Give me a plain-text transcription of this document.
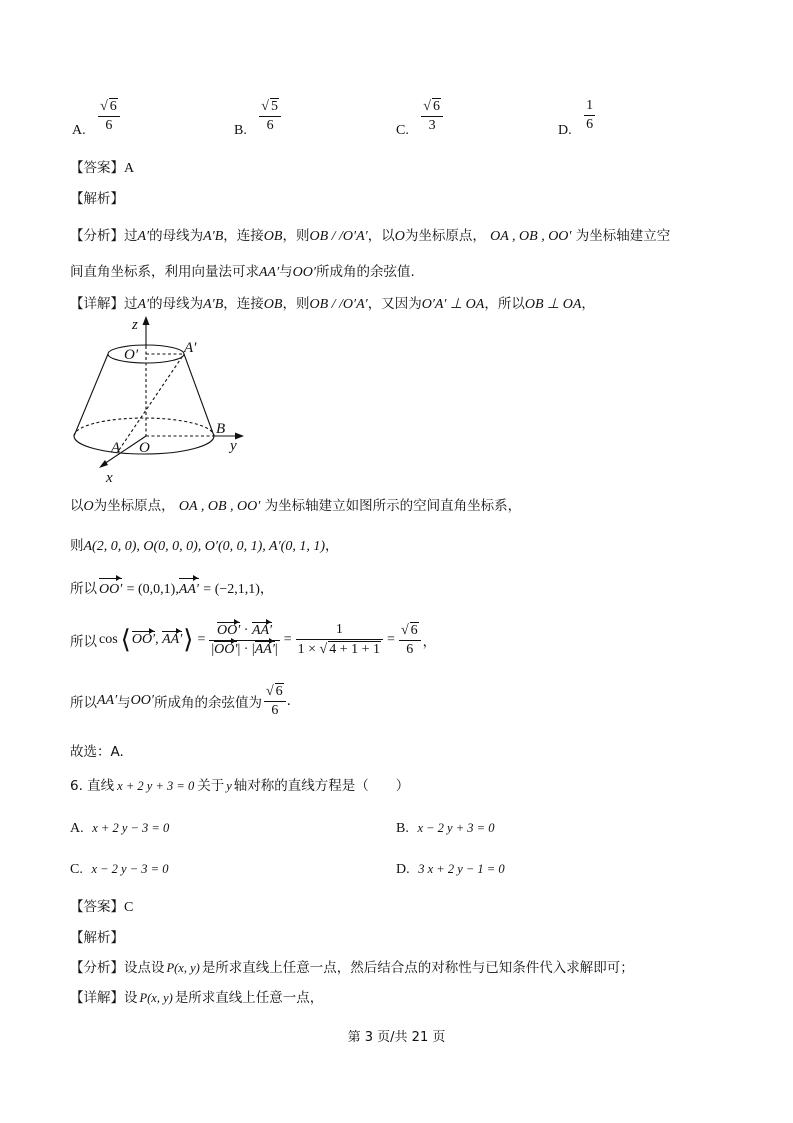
A. $\frac{√ 6}{6}$	B. $\frac{√ 5}{6}$	C. $\frac{√ 6}{3}$	D. $\frac{1}{6}$
【答案】A
【解析】
【分析】过A′的母线为A′B，连接OB，则OB / /O′A′，以O为坐标原点， OA , OB , OO′ 为坐标轴建立空
间直角坐标系，利用向量法可求AA′与OO′所成角的余弦值.
【详解】过A′的母线为A′B，连接OB，则OB / /O′A′，又因为O′A′ ⊥ OA，所以OB ⊥ OA，
z
O′	A′
B
A O	y
x
以O为坐标原点， OA , OB , OO′ 为坐标轴建立如图所示的空间直角坐标系，
则A(2, 0, 0), O(0, 0, 0), O′(0, 0, 1), A′(0, 1, 1)，
所以 OO′ = (0,0,1),AA′ = (−2,1,1)，
所以 cos ⟨ OO′ , AA′ ⟩ = $\frac{OO' \cdot AA'}{|OO'| \cdot |AA'|} = \frac{1}{1 \times √ 4 + 1 + 1} = \frac{√ 6}{6}$ ，
所以 AA′ 与 OO′ 所成角的余弦值为 $\frac{√ 6}{6}$ .
故选：A.
6. 直线 x + 2 y + 3 = 0 关于 y 轴对称的直线方程是（　　）
A. x + 2 y − 3 = 0	B. x − 2 y + 3 = 0
C. x − 2 y − 3 = 0	D. 3 x + 2 y − 1 = 0
【答案】C
【解析】
【分析】设点设 P(x, y) 是所求直线上任意一点，然后结合点的对称性与已知条件代入求解即可；
【详解】设 P(x, y) 是所求直线上任意一点，
第 3 页/共 21 页
